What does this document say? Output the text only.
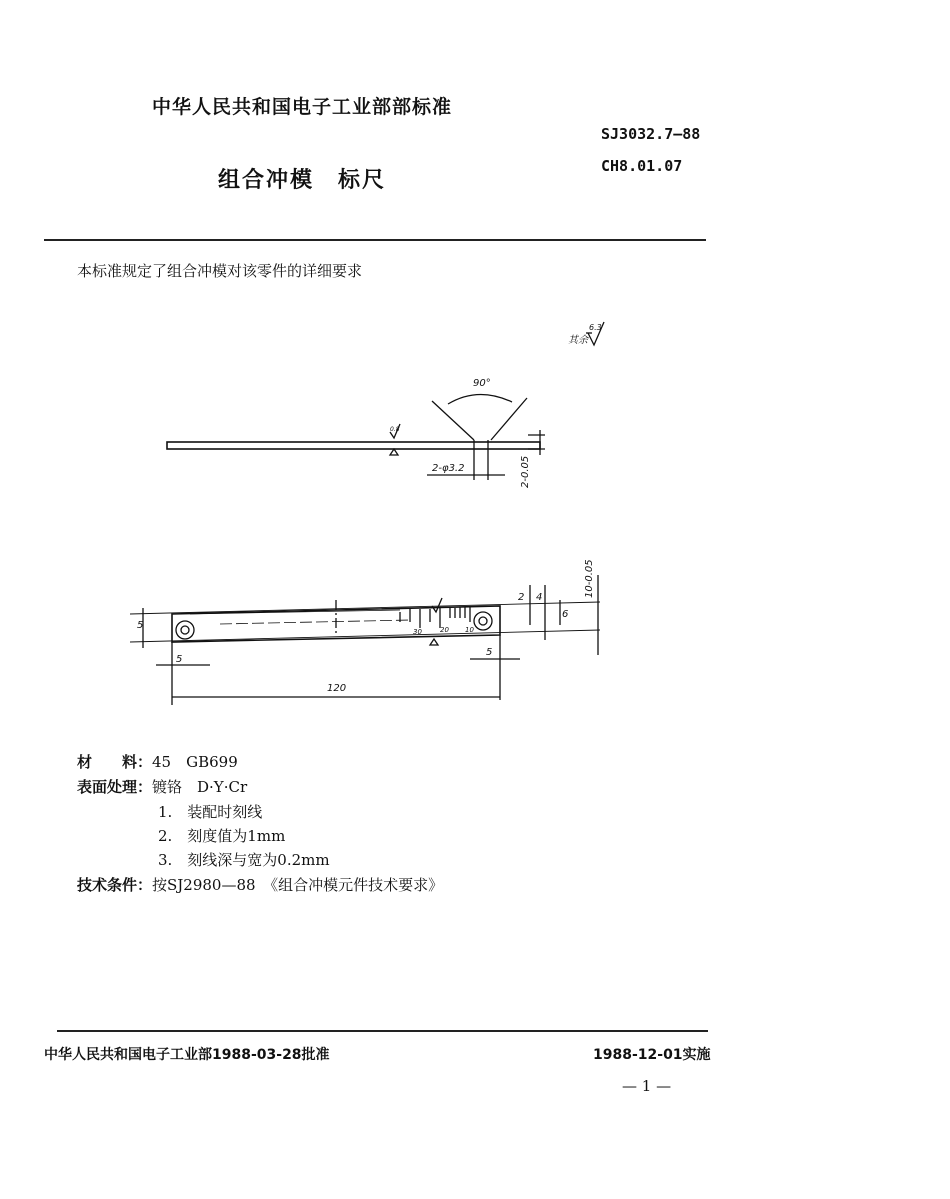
中华人民共和国电子工业部部标准
SJ3032.7—88
CH8.01.07
组合冲模　标尺
本标准规定了组合冲模对该零件的详细要求
90°
2-φ3.2	2-0.05
其余
6.3
0.8
5
5
5
120
2 4
6
10-0.05
30	20 10
材　　料：45　GB699
表面处理：镀铬　D·Y·Cr
1.　装配时刻线
2.　刻度值为1mm
3.　刻线深与宽为0.2mm
技术条件：按SJ2980—88　《组合冲模元件技术要求》
中华人民共和国电子工业部1988-03-28批准	1988-12-01实施
— 1 —
